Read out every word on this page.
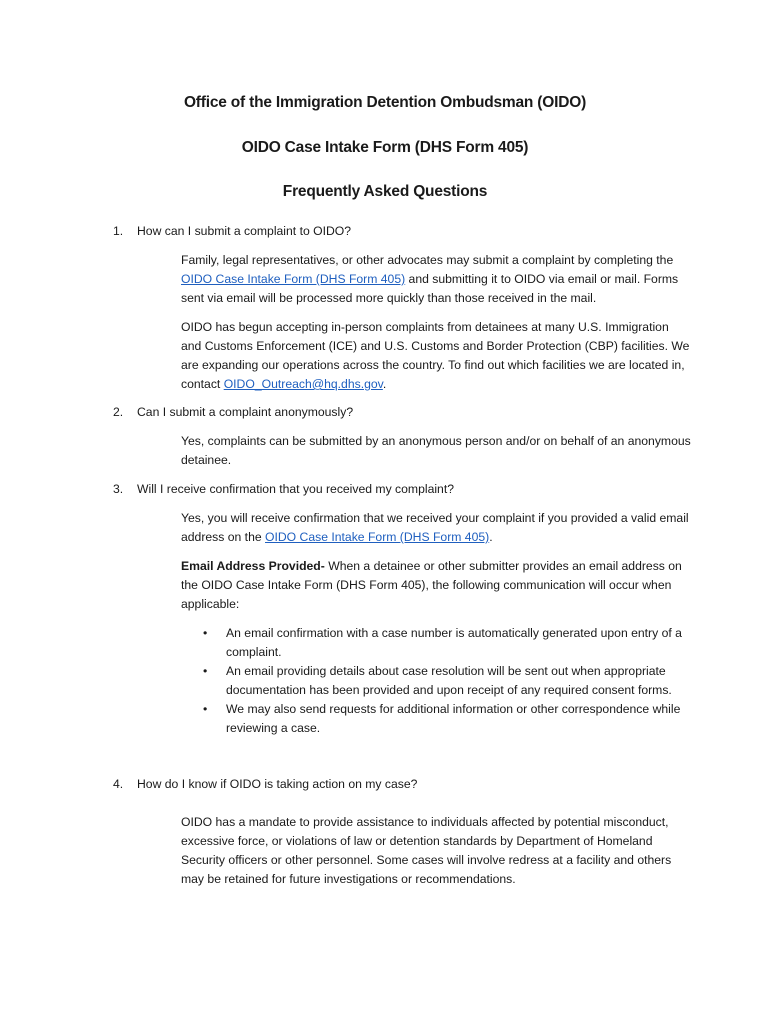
Office of the Immigration Detention Ombudsman (OIDO)
OIDO Case Intake Form (DHS Form 405)
Frequently Asked Questions
1. How can I submit a complaint to OIDO?

Family, legal representatives, or other advocates may submit a complaint by completing the OIDO Case Intake Form (DHS Form 405) and submitting it to OIDO via email or mail. Forms sent via email will be processed more quickly than those received in the mail.

OIDO has begun accepting in-person complaints from detainees at many U.S. Immigration and Customs Enforcement (ICE) and U.S. Customs and Border Protection (CBP) facilities. We are expanding our operations across the country. To find out which facilities we are located in, contact OIDO_Outreach@hq.dhs.gov.

2. Can I submit a complaint anonymously?

Yes, complaints can be submitted by an anonymous person and/or on behalf of an anonymous detainee.

3. Will I receive confirmation that you received my complaint?

Yes, you will receive confirmation that we received your complaint if you provided a valid email address on the OIDO Case Intake Form (DHS Form 405).

Email Address Provided- When a detainee or other submitter provides an email address on the OIDO Case Intake Form (DHS Form 405), the following communication will occur when applicable:

• An email confirmation with a case number is automatically generated upon entry of a complaint.
• An email providing details about case resolution will be sent out when appropriate documentation has been provided and upon receipt of any required consent forms.
• We may also send requests for additional information or other correspondence while reviewing a case.
4. How do I know if OIDO is taking action on my case?

OIDO has a mandate to provide assistance to individuals affected by potential misconduct, excessive force, or violations of law or detention standards by Department of Homeland Security officers or other personnel. Some cases will involve redress at a facility and others may be retained for future investigations or recommendations.
